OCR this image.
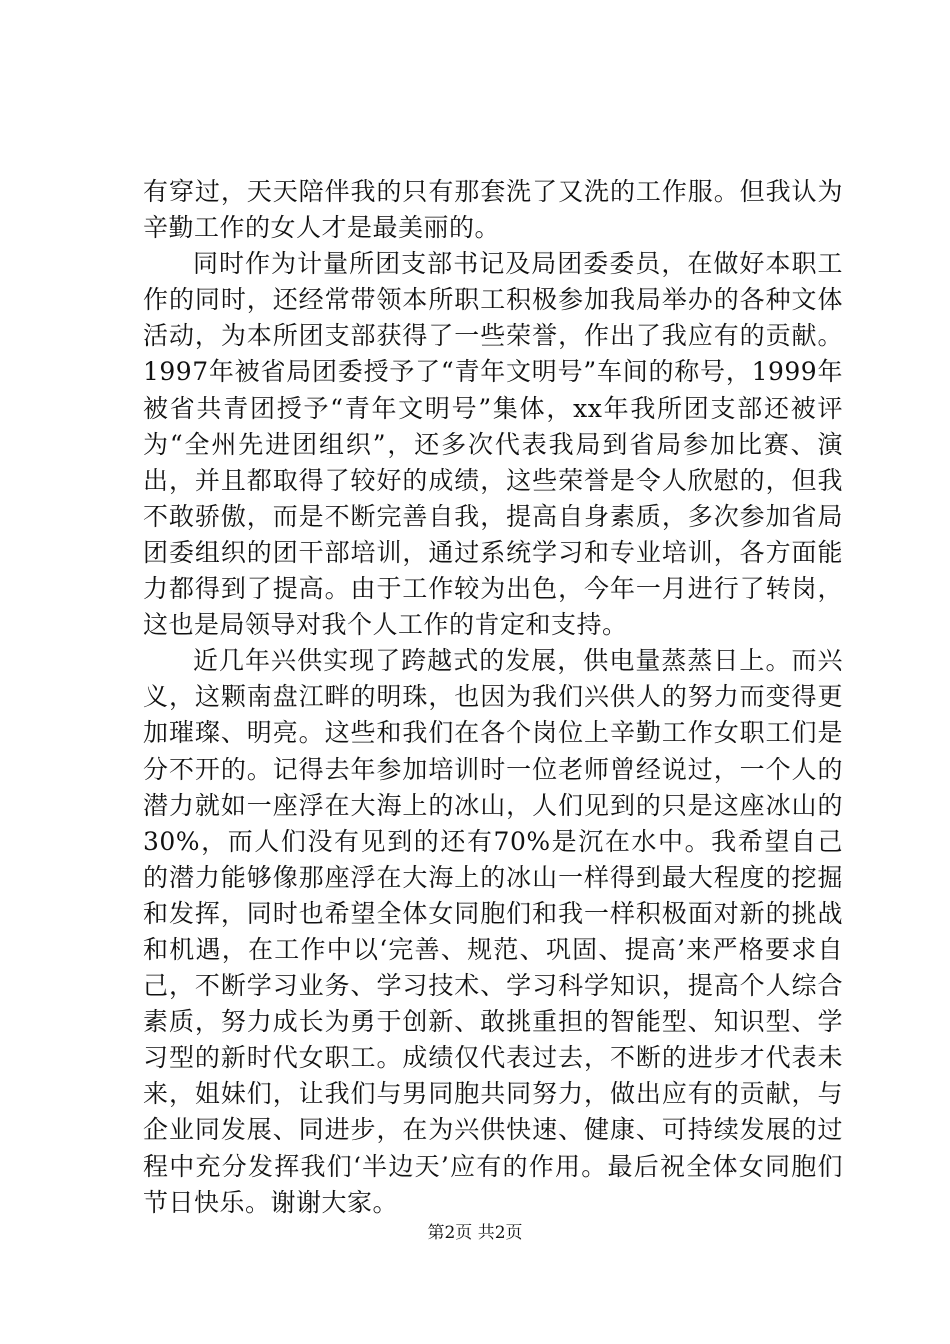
有穿过，天天陪伴我的只有那套洗了又洗的工作服。但我认为辛勤工作的女人才是最美丽的。

同时作为计量所团支部书记及局团委委员，在做好本职工作的同时，还经常带领本所职工积极参加我局举办的各种文体活动，为本所团支部获得了一些荣誉，作出了我应有的贡献。1997年被省局团委授予了“青年文明号”车间的称号，1999年被省共青团授予“青年文明号”集体，xx年我所团支部还被评为“全州先进团组织”，还多次代表我局到省局参加比赛、演出，并且都取得了较好的成绩，这些荣誉是令人欣慰的，但我不敢骄傲，而是不断完善自我，提高自身素质，多次参加省局团委组织的团干部培训，通过系统学习和专业培训，各方面能力都得到了提高。由于工作较为出色，今年一月进行了转岗，这也是局领导对我个人工作的肯定和支持。

近几年兴供实现了跨越式的发展，供电量蒸蒸日上。而兴义，这颗南盘江畔的明珠，也因为我们兴供人的努力而变得更加璀璨、明亮。这些和我们在各个岗位上辛勤工作女职工们是分不开的。记得去年参加培训时一位老师曾经说过，一个人的潜力就如一座浮在大海上的冰山，人们见到的只是这座冰山的30%，而人们没有见到的还有70%是沉在水中。我希望自己的潜力能够像那座浮在大海上的冰山一样得到最大程度的挖掘和发挥，同时也希望全体女同胞们和我一样积极面对新的挑战和机遇，在工作中以‘完善、规范、巩固、提高’来严格要求自己，不断学习业务、学习技术、学习科学知识，提高个人综合素质，努力成长为勇于创新、敢挑重担的智能型、知识型、学习型的新时代女职工。成绩仅代表过去，不断的进步才代表未来，姐妹们，让我们与男同胞共同努力，做出应有的贡献，与企业同发展、同进步，在为兴供快速、健康、可持续发展的过程中充分发挥我们‘半边天’应有的作用。最后祝全体女同胞们节日快乐。谢谢大家。

第2页 共2页
